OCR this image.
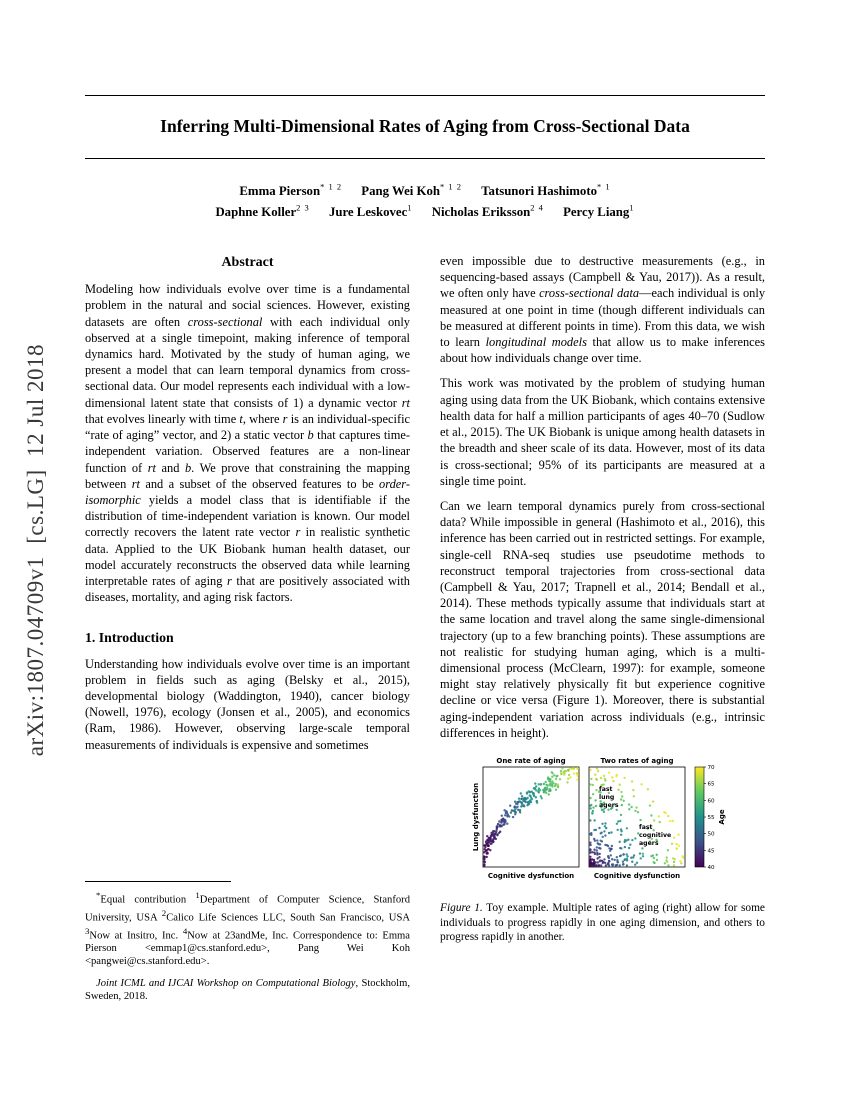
arXiv:1807.04709v1  [cs.LG]  12 Jul 2018
Inferring Multi-Dimensional Rates of Aging from Cross-Sectional Data
Emma Pierson$^{* 1 2}$ Pang Wei Koh$^{* 1 2}$ Tatsunori Hashimoto$^{* 1}$
Daphne Koller$^{2 3}$ Jure Leskovec$^1$ Nicholas Eriksson$^{2 4}$ Percy Liang$^1$
Abstract

Modeling how individuals evolve over time is a fundamental problem in the natural and social sciences. However, existing datasets are often cross-sectional with each individual only observed at a single timepoint, making inference of temporal dynamics hard. Motivated by the study of human aging, we present a model that can learn temporal dynamics from cross-sectional data. Our model represents each individual with a low-dimensional latent state that consists of 1) a dynamic vector rt that evolves linearly with time t, where r is an individual-specific “rate of aging” vector, and 2) a static vector b that captures time-independent variation. Observed features are a non-linear function of rt and b. We prove that constraining the mapping between rt and a subset of the observed features to be order-isomorphic yields a model class that is identifiable if the distribution of time-independent variation is known. Our model correctly recovers the latent rate vector r in realistic synthetic data. Applied to the UK Biobank human health dataset, our model accurately reconstructs the observed data while learning interpretable rates of aging r that are positively associated with diseases, mortality, and aging risk factors.

1. Introduction

Understanding how individuals evolve over time is an important problem in fields such as aging (Belsky et al., 2015), developmental biology (Waddington, 1940), cancer biology (Nowell, 1976), ecology (Jonsen et al., 2005), and economics (Ram, 1986). However, observing large-scale temporal measurements of individuals is expensive and sometimes

*Equal contribution $^1$Department of Computer Science, Stanford University, USA $^2$Calico Life Sciences LLC, South San Francisco, USA $^3$Now at Insitro, Inc. $^4$Now at 23andMe, Inc. Correspondence to: Emma Pierson <emmap1@cs.stanford.edu>, Pang Wei Koh <pangwei@cs.stanford.edu>.

Joint ICML and IJCAI Workshop on Computational Biology, Stockholm, Sweden, 2018.

even impossible due to destructive measurements (e.g., in sequencing-based assays (Campbell & Yau, 2017)). As a result, we often only have cross-sectional data—each individual is only measured at one point in time (though different individuals can be measured at different points in time). From this data, we wish to learn longitudinal models that allow us to make inferences about how individuals change over time.

This work was motivated by the problem of studying human aging using data from the UK Biobank, which contains extensive health data for half a million participants of ages 40–70 (Sudlow et al., 2015). The UK Biobank is unique among health datasets in the breadth and sheer scale of its data. However, most of its data is cross-sectional; 95% of its participants are measured at a single time point.

Can we learn temporal dynamics purely from cross-sectional data? While impossible in general (Hashimoto et al., 2016), this inference has been carried out in restricted settings. For example, single-cell RNA-seq studies use pseudotime methods to reconstruct temporal trajectories from cross-sectional data (Campbell & Yau, 2017; Trapnell et al., 2014; Bendall et al., 2014). These methods typically assume that individuals start at the same location and travel along the same single-dimensional trajectory (up to a few branching points). These assumptions are not realistic for studying human aging, which is a multi-dimensional process (McClearn, 1997): for example, someone might stay relatively physically fit but experience cognitive decline or vice versa (Figure 1). Moreover, there is substantial aging-independent variation across individuals (e.g., intrinsic differences in height).

One rate of aging	Two rates of aging
Lung dysfunction	fast
lung
agers
fast
cognitive
agers
Cognitive dysfunction	Cognitive dysfunction
40
45
50
55
60
65
70
Age
Figure 1. Toy example. Multiple rates of aging (right) allow for some individuals to progress rapidly in one aging dimension, and others to progress rapidly in another.
